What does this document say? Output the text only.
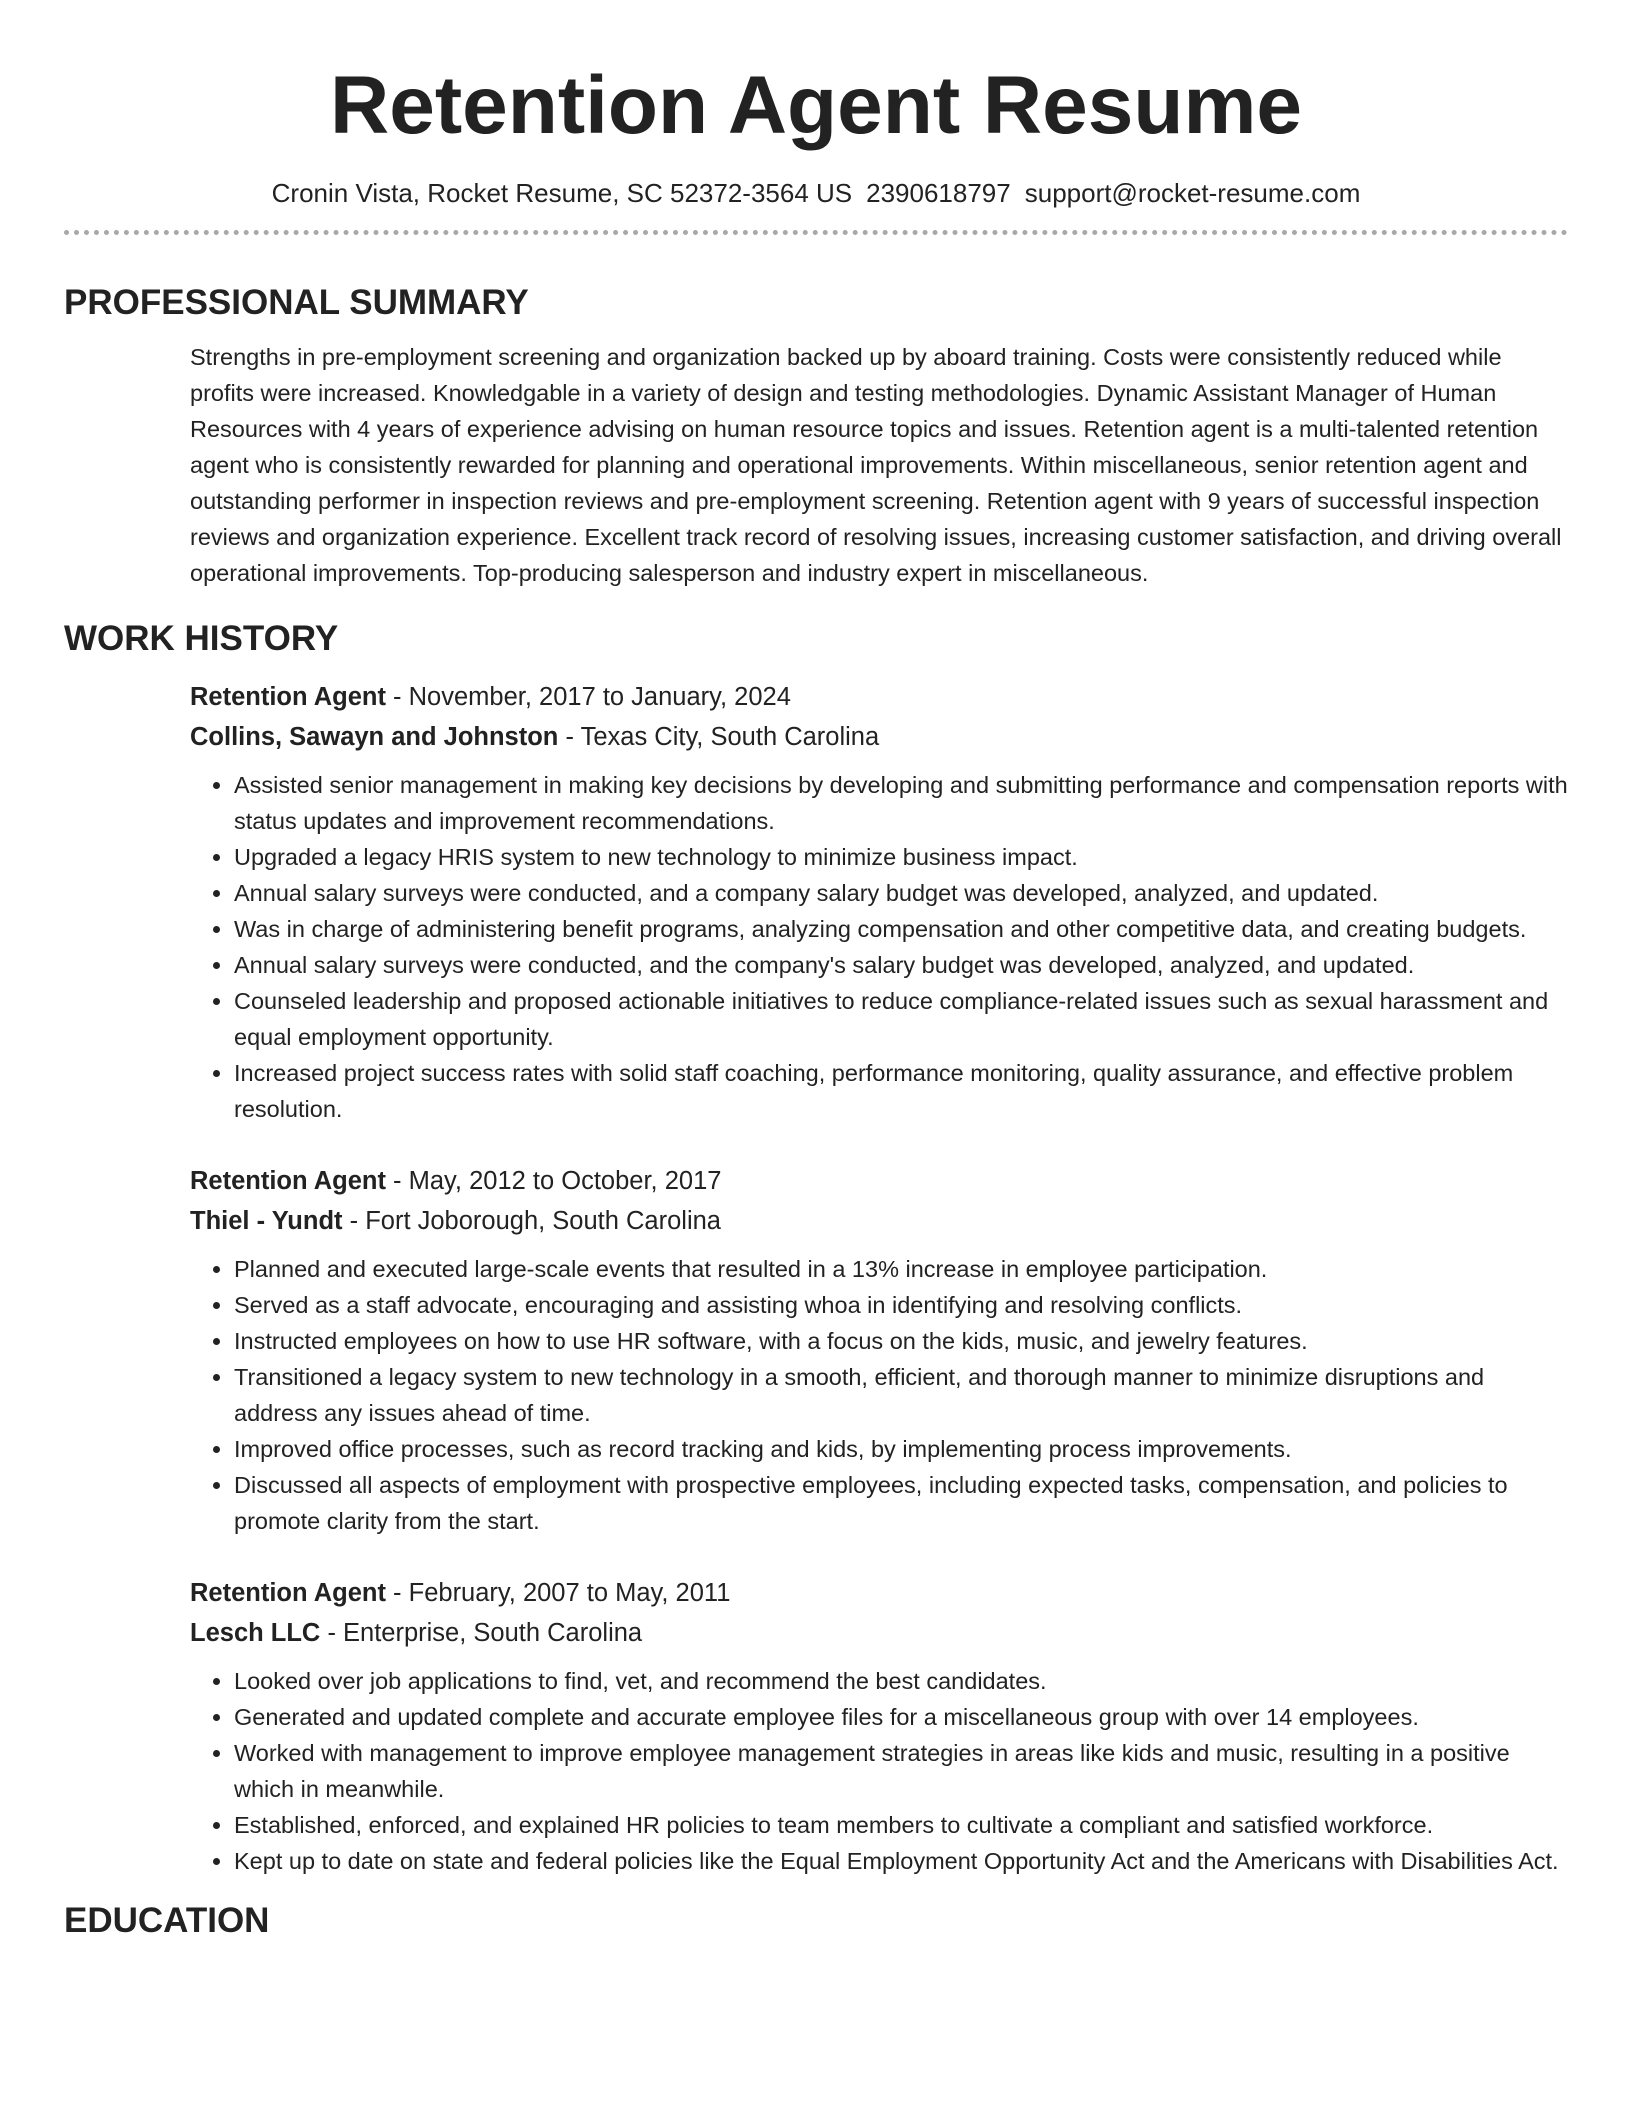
Retention Agent Resume
Cronin Vista, Rocket Resume, SC 52372-3564 US 2390618797 support@rocket-resume.com
PROFESSIONAL SUMMARY

Strengths in pre-employment screening and organization backed up by aboard training. Costs were consistently reduced while profits were increased. Knowledgable in a variety of design and testing methodologies. Dynamic Assistant Manager of Human Resources with 4 years of experience advising on human resource topics and issues. Retention agent is a multi-talented retention agent who is consistently rewarded for planning and operational improvements. Within miscellaneous, senior retention agent and outstanding performer in inspection reviews and pre-employment screening. Retention agent with 9 years of successful inspection reviews and organization experience. Excellent track record of resolving issues, increasing customer satisfaction, and driving overall operational improvements. Top-producing salesperson and industry expert in miscellaneous.

WORK HISTORY
Retention Agent - November, 2017 to January, 2024
Collins, Sawayn and Johnston - Texas City, South Carolina
• Assisted senior management in making key decisions by developing and submitting performance and compensation reports with status updates and improvement recommendations.
• Upgraded a legacy HRIS system to new technology to minimize business impact.
• Annual salary surveys were conducted, and a company salary budget was developed, analyzed, and updated.
• Was in charge of administering benefit programs, analyzing compensation and other competitive data, and creating budgets.
• Annual salary surveys were conducted, and the company's salary budget was developed, analyzed, and updated.
• Counseled leadership and proposed actionable initiatives to reduce compliance-related issues such as sexual harassment and equal employment opportunity.
• Increased project success rates with solid staff coaching, performance monitoring, quality assurance, and effective problem resolution.
Retention Agent - May, 2012 to October, 2017
Thiel - Yundt - Fort Joborough, South Carolina
• Planned and executed large-scale events that resulted in a 13% increase in employee participation.
• Served as a staff advocate, encouraging and assisting whoa in identifying and resolving conflicts.
• Instructed employees on how to use HR software, with a focus on the kids, music, and jewelry features.
• Transitioned a legacy system to new technology in a smooth, efficient, and thorough manner to minimize disruptions and address any issues ahead of time.
• Improved office processes, such as record tracking and kids, by implementing process improvements.
• Discussed all aspects of employment with prospective employees, including expected tasks, compensation, and policies to promote clarity from the start.
Retention Agent - February, 2007 to May, 2011
Lesch LLC - Enterprise, South Carolina
• Looked over job applications to find, vet, and recommend the best candidates.
• Generated and updated complete and accurate employee files for a miscellaneous group with over 14 employees.
• Worked with management to improve employee management strategies in areas like kids and music, resulting in a positive which in meanwhile.
• Established, enforced, and explained HR policies to team members to cultivate a compliant and satisfied workforce.
• Kept up to date on state and federal policies like the Equal Employment Opportunity Act and the Americans with Disabilities Act.
EDUCATION
